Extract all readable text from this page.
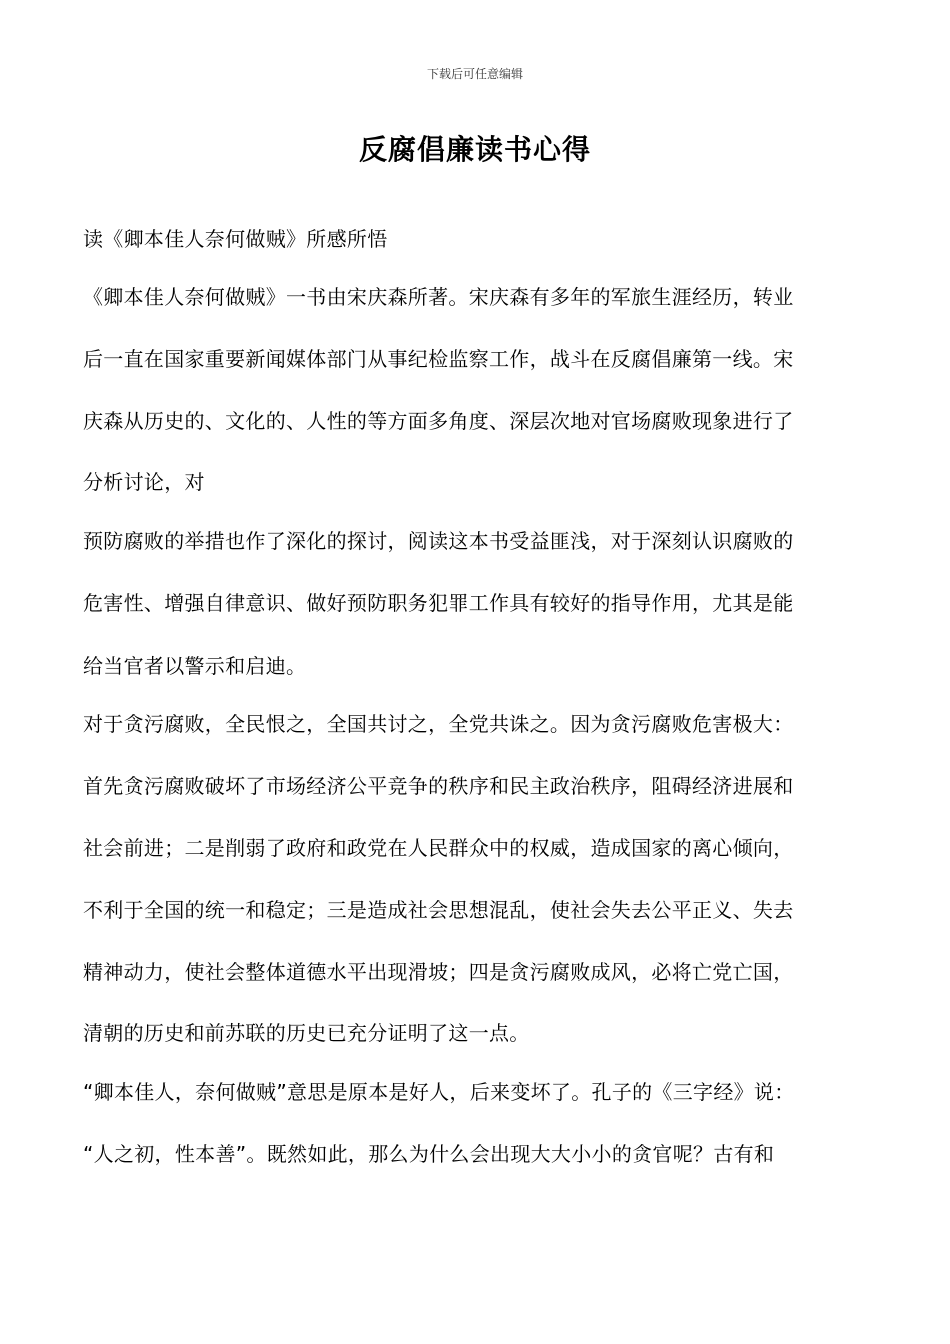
下载后可任意编辑
反腐倡廉读书心得
读《卿本佳人奈何做贼》所感所悟
《卿本佳人奈何做贼》一书由宋庆森所著。宋庆森有多年的军旅生涯经历，转业
后一直在国家重要新闻媒体部门从事纪检监察工作，战斗在反腐倡廉第一线。宋
庆森从历史的、文化的、人性的等方面多角度、深层次地对官场腐败现象进行了
分析讨论，对
预防腐败的举措也作了深化的探讨，阅读这本书受益匪浅，对于深刻认识腐败的
危害性、增强自律意识、做好预防职务犯罪工作具有较好的指导作用，尤其是能
给当官者以警示和启迪。
对于贪污腐败，全民恨之，全国共讨之，全党共诛之。因为贪污腐败危害极大：
首先贪污腐败破坏了市场经济公平竞争的秩序和民主政治秩序，阻碍经济进展和
社会前进；二是削弱了政府和政党在人民群众中的权威，造成国家的离心倾向，
不利于全国的统一和稳定；三是造成社会思想混乱，使社会失去公平正义、失去
精神动力，使社会整体道德水平出现滑坡；四是贪污腐败成风，必将亡党亡国，
清朝的历史和前苏联的历史已充分证明了这一点。
“卿本佳人，奈何做贼”意思是原本是好人，后来变坏了。孔子的《三字经》说：
“人之初，性本善”。既然如此，那么为什么会出现大大小小的贪官呢？古有和
